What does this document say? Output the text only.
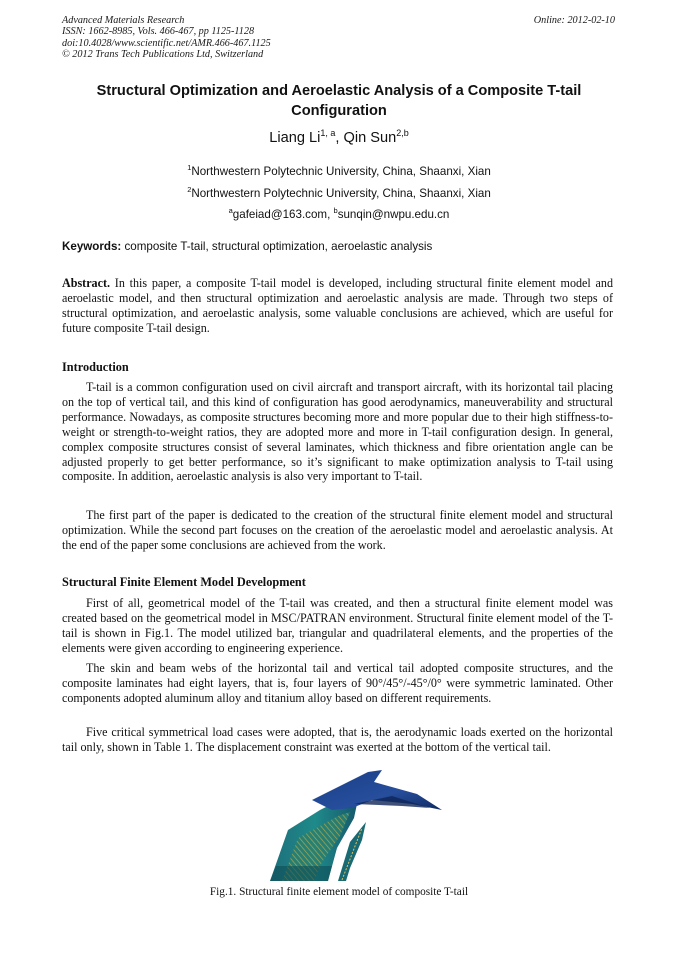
Advanced Materials Research
ISSN: 1662-8985, Vols. 466-467, pp 1125-1128
doi:10.4028/www.scientific.net/AMR.466-467.1125
© 2012 Trans Tech Publications Ltd, Switzerland
Online: 2012-02-10
Structural Optimization and Aeroelastic Analysis of a Composite T-tail Configuration
Liang Li$^{1, a}$, Qin Sun$^{2,b}$
$^1$Northwestern Polytechnic University, China, Shaanxi, Xian
$^2$Northwestern Polytechnic University, China, Shaanxi, Xian
$^a$gafeiad@163.com, $^b$sunqin@nwpu.edu.cn
Keywords: composite T-tail, structural optimization, aeroelastic analysis
Abstract. In this paper, a composite T-tail model is developed, including structural finite element model and aeroelastic model, and then structural optimization and aeroelastic analysis are made. Through two steps of structural optimization, and aeroelastic analysis, some valuable conclusions are achieved, which are useful for future composite T-tail design.
Introduction
T-tail is a common configuration used on civil aircraft and transport aircraft, with its horizontal tail placing on the top of vertical tail, and this kind of configuration has good aerodynamics, maneuverability and structural performance. Nowadays, as composite structures becoming more and more popular due to their high stiffness-to-weight or strength-to-weight ratios, they are adopted more and more in T-tail configuration design. In general, complex composite structures consist of several laminates, which thickness and fibre orientation angle can be adjusted properly to get better performance, so it’s significant to make optimization analysis to T-tail using composite. In addition, aeroelastic analysis is also very important to T-tail.
The first part of the paper is dedicated to the creation of the structural finite element model and structural optimization. While the second part focuses on the creation of the aeroelastic model and aeroelastic analysis. At the end of the paper some conclusions are achieved from the work.
Structural Finite Element Model Development
First of all, geometrical model of the T-tail was created, and then a structural finite element model was created based on the geometrical model in MSC/PATRAN environment. Structural finite element model of the T-tail is shown in Fig.1. The model utilized bar, triangular and quadrilateral elements, and the properties of the elements were given according to engineering experience.
The skin and beam webs of the horizontal tail and vertical tail adopted composite structures, and the composite laminates had eight layers, that is, four layers of 90°/45°/-45°/0° were symmetric laminated. Other components adopted aluminum alloy and titanium alloy based on different requirements.
Five critical symmetrical load cases were adopted, that is, the aerodynamic loads exerted on the horizontal tail only, shown in Table 1. The displacement constraint was exerted at the bottom of the vertical tail.
Fig.1. Structural finite element model of composite T-tail
